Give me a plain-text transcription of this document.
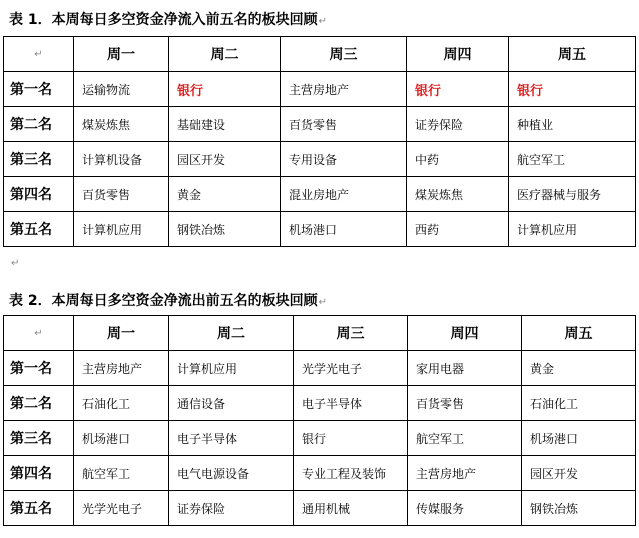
表 1．本周每日多空资金净流入前五名的板块回顾↵
↵	周一	周二	周三	周四	周五
第一名	运输物流	银行	主营房地产	银行	银行
第二名	煤炭炼焦	基础建设	百货零售	证券保险	种植业
第三名	计算机设备	园区开发	专用设备	中药	航空军工
第四名	百货零售	黄金	混业房地产	煤炭炼焦	医疗器械与服务
第五名	计算机应用	钢铁冶炼	机场港口	西药	计算机应用
↵
表 2．本周每日多空资金净流出前五名的板块回顾↵
↵	周一	周二	周三	周四	周五
第一名	主营房地产	计算机应用	光学光电子	家用电器	黄金
第二名	石油化工	通信设备	电子半导体	百货零售	石油化工
第三名	机场港口	电子半导体	银行	航空军工	机场港口
第四名	航空军工	电气电源设备	专业工程及装饰	主营房地产	园区开发
第五名	光学光电子	证券保险	通用机械	传媒服务	钢铁冶炼
